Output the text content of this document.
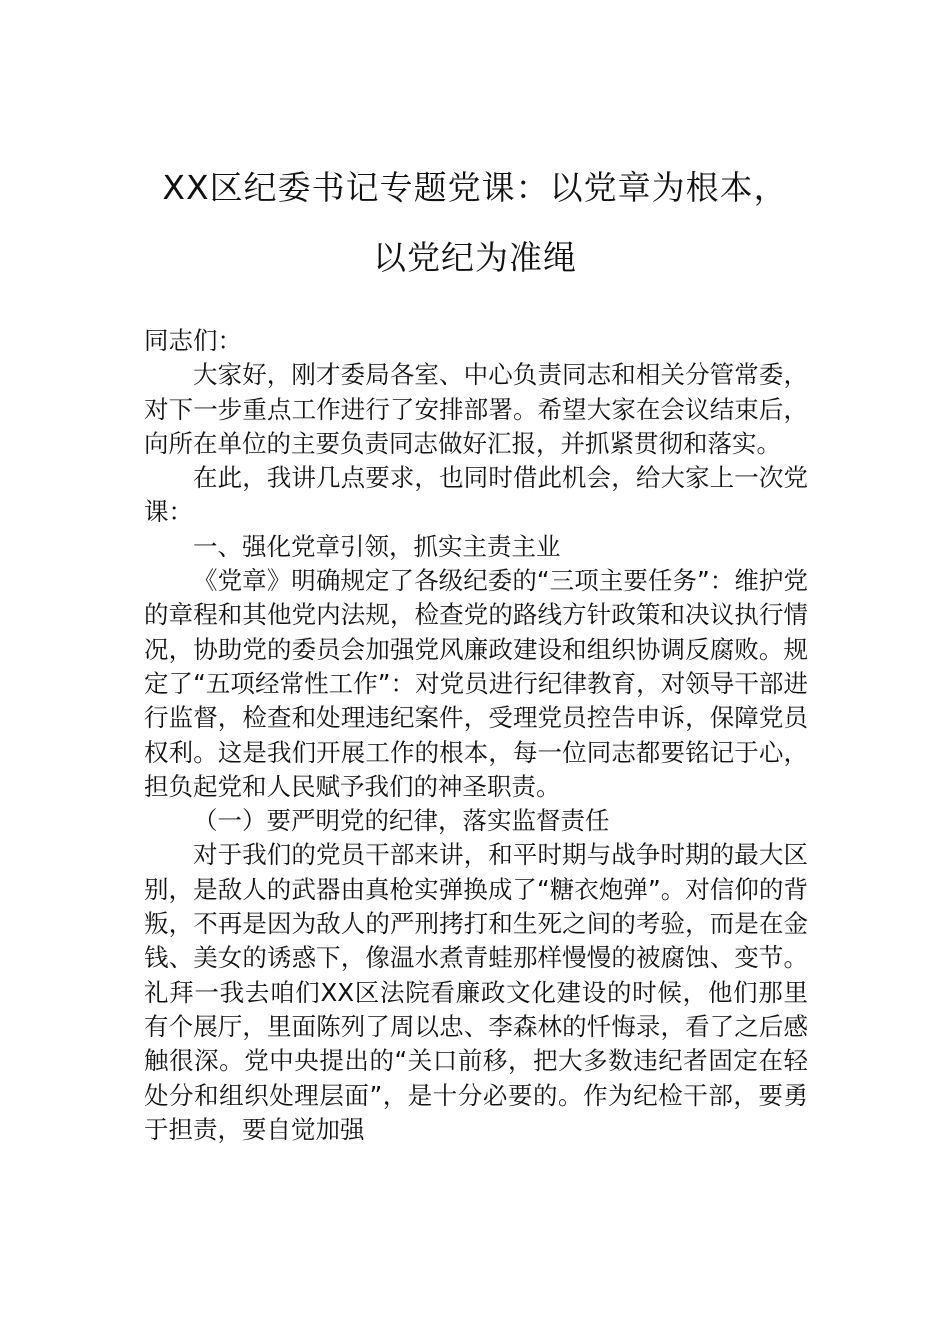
XX区纪委书记专题党课：以党章为根本，
以党纪为准绳

同志们：

大家好，刚才委局各室、中心负责同志和相关分管常委，对下一步重点工作进行了安排部署。希望大家在会议结束后，向所在单位的主要负责同志做好汇报，并抓紧贯彻和落实。

在此，我讲几点要求，也同时借此机会，给大家上一次党课：

一、强化党章引领，抓实主责主业

《党章》明确规定了各级纪委的“三项主要任务”：维护党的章程和其他党内法规，检查党的路线方针政策和决议执行情况，协助党的委员会加强党风廉政建设和组织协调反腐败。规定了“五项经常性工作”：对党员进行纪律教育，对领导干部进行监督，检查和处理违纪案件，受理党员控告申诉，保障党员权利。这是我们开展工作的根本，每一位同志都要铭记于心，担负起党和人民赋予我们的神圣职责。

（一）要严明党的纪律，落实监督责任

对于我们的党员干部来讲，和平时期与战争时期的最大区别，是敌人的武器由真枪实弹换成了“糖衣炮弹”。对信仰的背叛，不再是因为敌人的严刑拷打和生死之间的考验，而是在金钱、美女的诱惑下，像温水煮青蛙那样慢慢的被腐蚀、变节。礼拜一我去咱们XX区法院看廉政文化建设的时候，他们那里有个展厅，里面陈列了周以忠、李森林的忏悔录，看了之后感触很深。党中央提出的“关口前移，把大多数违纪者固定在轻处分和组织处理层面”，是十分必要的。作为纪检干部，要勇于担责，要自觉加强
